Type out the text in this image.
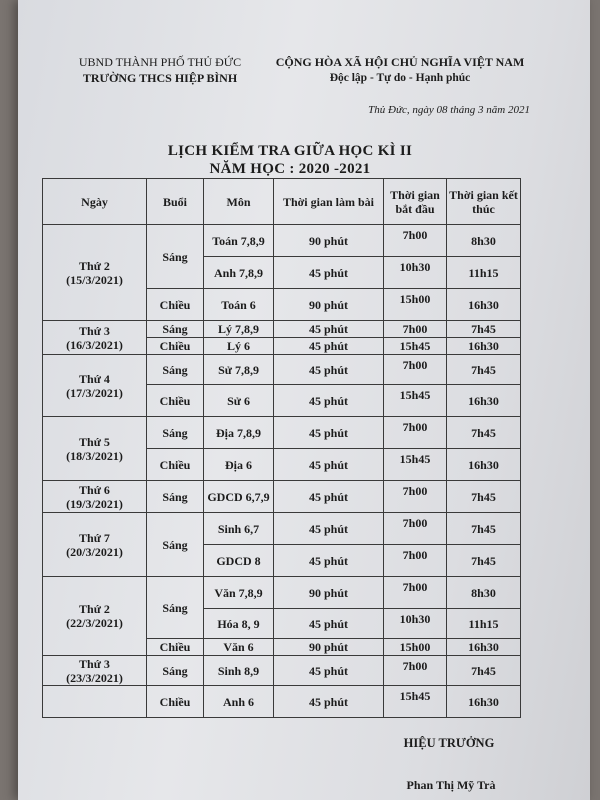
UBND THÀNH PHỐ THỦ ĐỨC
TRƯỜNG THCS HIỆP BÌNH
CỘNG HÒA XÃ HỘI CHỦ NGHĨA VIỆT NAM
Độc lập - Tự do - Hạnh phúc
Thủ Đức, ngày 08 tháng 3 năm 2021
LỊCH KIỂM TRA GIỮA HỌC KÌ II
NĂM HỌC : 2020 -2021
Ngày	Buổi	Môn	Thời gian làm bài	Thời gian bắt đầu	Thời gian kết thúc

Thứ 2
(15/3/2021)	Sáng	Toán 7,8,9	90 phút	7h00	8h30
		Anh 7,8,9	45 phút	10h30	11h15
	Chiều	Toán 6	90 phút	15h00	16h30

Thứ 3
(16/3/2021)	Sáng	Lý 7,8,9	45 phút	7h00	7h45
	Chiều	Lý 6	45 phút	15h45	16h30

Thứ 4
(17/3/2021)	Sáng	Sử 7,8,9	45 phút	7h00	7h45
	Chiều	Sử 6	45 phút	15h45	16h30

Thứ 5
(18/3/2021)	Sáng	Địa 7,8,9	45 phút	7h00	7h45
	Chiều	Địa 6	45 phút	15h45	16h30

Thứ 6
(19/3/2021)	Sáng	GDCD 6,7,9	45 phút	7h00	7h45

Thứ 7
(20/3/2021)	Sáng	Sinh 6,7	45 phút	7h00	7h45
		GDCD 8	45 phút	7h00	7h45

Thứ 2
(22/3/2021)	Sáng	Văn 7,8,9	90 phút	7h00	8h30
		Hóa 8, 9	45 phút	10h30	11h15
	Chiều	Văn 6	90 phút	15h00	16h30

Thứ 3
(23/3/2021)	Sáng	Sinh 8,9	45 phút	7h00	7h45
	Chiều	Anh 6	45 phút	15h45	16h30
HIỆU TRƯỞNG
Phan Thị Mỹ Trà
